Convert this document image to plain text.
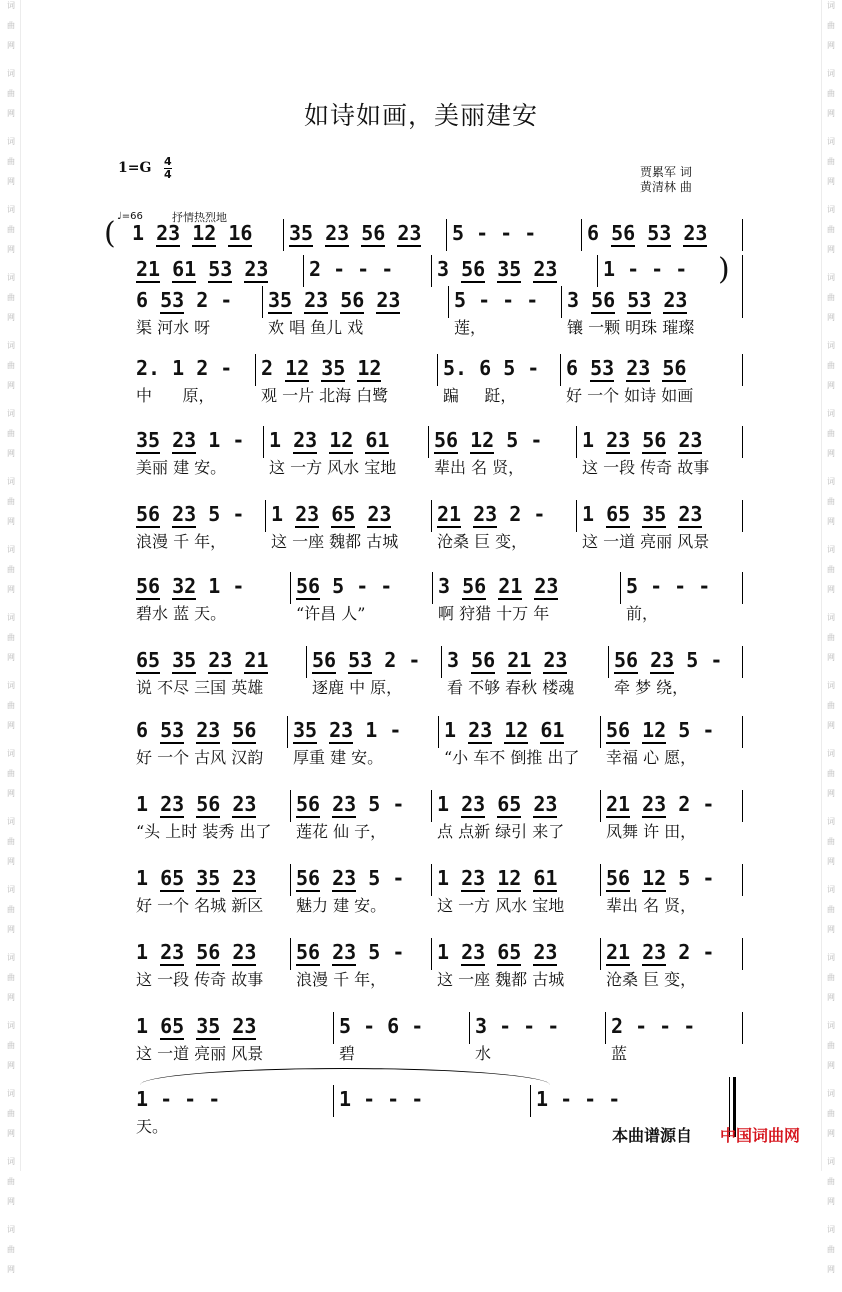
词
曲
网
词
曲
网
词
曲
网
词
曲
网
词
曲
网
词
曲
网
词
曲
网
词
曲
网
词
曲
网
词
曲
网
词
曲
网
词
曲
网
词
曲
网
词
曲
网
词
曲
网
词
曲
网
词
曲
网
词
曲
网
词
曲
网
词
曲
网
词
曲
网
词
曲
网
词
曲
网
词
曲
网
词
曲
网
词
曲
网
词
曲
网
词
曲
网
词
曲
网
词
曲
网
词
曲
网
词
曲
网
词
曲
网
词
曲
网
词
曲
网
词
曲
网
词
曲
网
词
曲
网
如诗如画，美丽建安
1=G 4
4	贾累军 词
黄清林 曲
♩=66	抒情热烈地
(
)
1 23 12 16 35 23 56 23 5 - - -	6 56 53 23
21 61 53 23 2 - - - 3 56 35 23 1 - - -
6 53 2 - 35 23 56 23	5 - - - 3 56 53 23
渠 河水 呀	欢 唱 鱼儿 戏	莲，	镶 一颗 明珠 璀璨
2. 1 2 - 2 12 35 12	5. 6 5 - 6 53 23 56
中      原，	观 一片 北海 白鹭	蹁     跹，	好 一个 如诗 如画
35 23 1 - 1 23 12 61 56 12 5 - 1 23 56 23
美丽 建 安。	这 一方 风水 宝地 辈出 名 贤，	这 一段 传奇 故事
56 23 5 - 1 23 65 23 21 23 2 - 1 65 35 23
浪漫 千 年，	这 一座 魏都 古城 沧桑 巨 变，	这 一道 亮丽 风景
56 32 1 -	56 5 - - 3 56 21 23	5 - - -
碧水 蓝 天。	“许昌 人”	啊 狩猎 十万 年	前，
65 35 23 21 56 53 2 - 3 56 21 23 56 23 5 -
说 不尽 三国 英雄	逐鹿 中 原，	看 不够 春秋 楼魂 牵 梦 绕，
6 53 23 56 35 23 1 - 1 23 12 61 56 12 5 -
好 一个 古风 汉韵 厚重 建 安。	“小 车不 倒推 出了 幸福 心 愿，
1 23 56 23 56 23 5 - 1 23 65 23 21 23 2 -
“头 上时 装秀 出了 莲花 仙 子，	点 点新 绿引 来了	凤舞 许 田，
1 65 35 23 56 23 5 - 1 23 12 61 56 12 5 -
好 一个 名城 新区 魅力 建 安。	这 一方 风水 宝地	辈出 名 贤，
1 23 56 23 56 23 5 - 1 23 65 23 21 23 2 -
这 一段 传奇 故事 浪漫 千 年，	这 一座 魏都 古城	沧桑 巨 变，
1 65 35 23	5 - 6 -	3 - - -	2 - - -
这 一道 亮丽 风景	碧	水	蓝
1 - - -	1 - - -	1 - - -
天。	本曲谱源自 中国词曲网
